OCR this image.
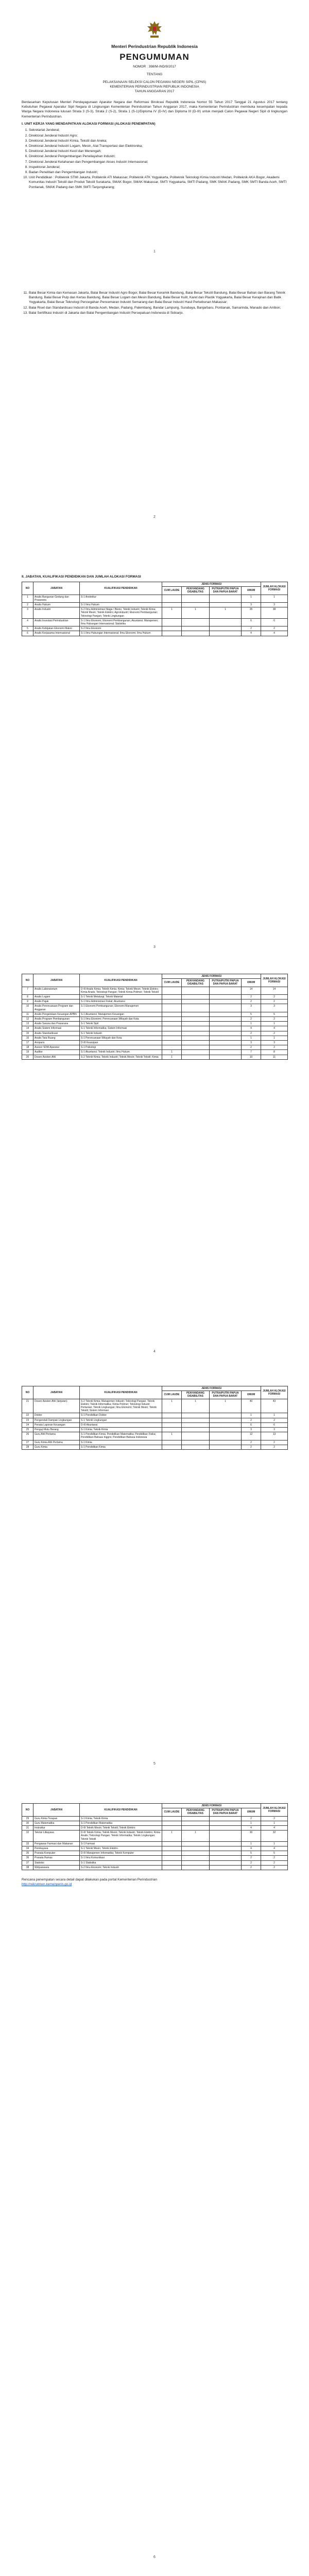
Menteri Perindustrian Republik Indonesia
PENGUMUMAN
NOMOR : 398/M-IND/9/2017
TENTANG
PELAKSANAAN SELEKSI CALON PEGAWAI NEGERI SIPIL (CPNS)
KEMENTERIAN PERINDUSTRIAN REPUBLIK INDONESIA
TAHUN ANGGARAN 2017

Berdasarkan Keputusan Menteri Pendayagunaan Aparatur Negara dan Reformasi Birokrasi Republik Indonesia Nomor 55 Tahun 2017 Tanggal 21 Agustus 2017 tentang Kebutuhan Pegawai Aparatur Sipil Negara di Lingkungan Kementerian Perindustrian Tahun Anggaran 2017, maka Kementerian Perindustrian membuka kesempatan kepada Warga Negara Indonesia lulusan Strata 3 (S-3), Strata 2 (S-2), Strata 1 (S-1)/Diploma IV (D-IV) dan Diploma III (D-III) untuk menjadi Calon Pegawai Negeri Sipil di lingkungan Kementerian Perindustrian.

I. UNIT KERJA YANG MENDAPATKAN ALOKASI FORMASI (ALOKASI PENEMPATAN)
1. Sekretariat Jenderal;
2. Direktorat Jenderal Industri Agro;
3. Direktorat Jenderal Industri Kimia, Tekstil dan Aneka;
4. Direktorat Jenderal Industri Logam, Mesin, Alat Transportasi dan Elektronika;
5. Direktorat Jenderal Industri Kecil dan Menengah;
6. Direktorat Jenderal Pengembangan Perwilayahan Industri;
7. Direktorat Jenderal Ketahanan dan Pengembangan Akses Industri Internasional;
8. Inspektorat Jenderal;
9. Badan Penelitian dan Pengembangan Industri;
10. Unit Pendidikan : Politeknik STMI Jakarta, Politeknik ATI Makassar, Politeknik ATK Yogyakarta, Politeknik Teknologi Kimia Industri Medan, Politeknik AKA Bogor, Akademi Komunitas Industri Tekstil dan Produk Tekstil Surakarta, SMAK Bogor, SMAK Makassar, SMTI Yogyakarta, SMTI Padang, SMK SMAK Padang, SMK SMTI Banda Aceh, SMTI Pontianak, SMAK Padang dan SMK SMTI Tanjungkarang;
1
11. Balai Besar Kimia dan Kemasan Jakarta, Balai Besar Industri Agro Bogor, Balai Besar Keramik Bandung, Balai Besar Tekstil Bandung, Balai Besar Bahan dan Barang Teknik Bandung, Balai Besar Pulp dan Kertas Bandung, Balai Besar Logam dan Mesin Bandung, Balai Besar Kulit, Karet dan Plastik Yogyakarta, Balai Besar Kerajinan dan Batik Yogyakarta, Balai Besar Teknologi Pencegahan Pencemaran Industri Semarang dan Balai Besar Industri Hasil Perkebunan Makassar;
12. Balai Riset dan Standardisasi Industri di Banda Aceh, Medan, Padang, Palembang, Bandar Lampung, Surabaya, Banjarbaru, Pontianak, Samarinda, Manado dan Ambon;
13. Balai Sertifikasi Industri di Jakarta dan Balai Pengembangan Industri Persepatuan Indonesia di Sidoarjo.
2
II. JABATAN, KUALIFIKASI PENDIDIKAN DAN JUMLAH ALOKASI FORMASI
NO	JABATAN	KUALIFIKASI PENDIDIKAN	JENIS FORMASI				JUMLAH ALOKASI FORMASI
			CUM LAUDE	PENYANDANG DISABILITAS	PUTRA/PUTRI PAPUA DAN PAPUA BARAT	UMUM	
1	Analis Bangunan Gedung dan Prasarana	S-1 Arsitektur				1	1
2	Analis Hukum	S-1 Ilmu Hukum				3	3
3	Analis Industri	S-2 Ilmu Administrasi Niaga / Bisnis; Teknik Industri; Teknik Kimia; Teknik Mesin; Teknik Elektro; Agroindustri; Ekonomi Pembangunan; Teknologi Pangan; Teknik Lingkungan	1	1	1	35	38
4	Analis Investasi Perindustrian	S-1 Ilmu Ekonomi; Ekonomi Pembangunan; Akuntansi; Manajemen; Ilmu Hubungan Internasional; Statistika				6	6
5	Analis Kebijakan Ekonomi Makro	S-2 Ilmu Ekonomi				2	2
6	Analis Kerjasama Internasional	S-1 Ilmu Hubungan Internasional; Ilmu Ekonomi; Ilmu Hukum				4	4
3
NO	JABATAN	KUALIFIKASI PENDIDIKAN	JENIS FORMASI				JUMLAH ALOKASI FORMASI
			CUM LAUDE	PENYANDANG DISABILITAS	PUTRA/PUTRI PAPUA DAN PAPUA BARAT	UMUM	
7	Analis Laboratorium	D-III Analis Kimia; Teknik Kimia; Kimia; Teknik Mesin; Teknik Elektro; Kimia Analis; Teknologi Pangan; Teknik Kimia Polimer; Teknik Tekstil				14	14
8	Analis Logam	S-1 Teknik Metalurgi; Teknik Material				2	2
9	Analis Pajak	S-1 Ilmu Administrasi Fiskal; Akuntansi				2	2
10	Analis Perencanaan Program dan Anggaran	S-1 Ekonomi Pembangunan; Ekonomi Manajemen				3	3
11	Analis Pengelolaan Keuangan APBN	S-1 Akuntansi; Manajemen Keuangan				5	5
12	Analis Program Pembangunan	S-1 Ilmu Ekonomi; Perencanaan Wilayah dan Kota				2	2
13	Analis Sarana dan Prasarana	S-1 Teknik Sipil				1	1
14	Analis Sistem Informasi	S-1 Teknik Informatika; Sistem Informasi				4	4
15	Analis Standardisasi	S-1 Teknik Industri				2	2
16	Analis Tata Ruang	S-1 Perencanaan Wilayah dan Kota				1	1
17	Arsiparis	D-III Kearsipan				3	3
18	Asesor SDM Aparatur	S-1 Psikologi				2	2
19	Auditor	S-1 Akuntansi; Teknik Industri; Ilmu Hukum	1			7	8
20	Dosen Asisten Ahli	S-2 Teknik Kimia; Teknik Industri; Teknik Mesin; Teknik Tekstil; Kimia	1			10	11
4
NO	JABATAN	KUALIFIKASI PENDIDIKAN	JENIS FORMASI				JUMLAH ALOKASI FORMASI
			CUM LAUDE	PENYANDANG DISABILITAS	PUTRA/PUTRI PAPUA DAN PAPUA BARAT	UMUM	
21	Dosen Asisten Ahli (lanjutan)	S-2 Teknik Kimia; Manajemen Industri; Teknologi Pangan; Teknik Elektro; Teknik Informatika; Kimia Polimer; Teknologi Industri Pertanian; Teknik Lingkungan; Ilmu Ekonomi; Teknik Mesin; Teknik Tekstil; Sistem Informasi	1	1	1	40	43
22	Dokter	S-1 Pendidikan Dokter				1	1
23	Pengendali Dampak Lingkungan	S-1 Teknik Lingkungan				2	2
24	Penata Laporan Keuangan	D-III Akuntansi				6	6
25	Penguji Mutu Barang	S-1 Kimia; Teknik Kimia				3	3
26	Guru Ahli Pertama	S-1 Pendidikan Kimia; Pendidikan Matematika; Pendidikan Fisika; Pendidikan Bahasa Inggris; Pendidikan Bahasa Indonesia	1			12	13
27	Guru Kimia Ahli Pertama	S-1 Kimia				2	2
28	Guru Kimia	S-1 Pendidikan Kimia				2	2
5
NO	JABATAN	KUALIFIKASI PENDIDIKAN	JENIS FORMASI				JUMLAH ALOKASI FORMASI
			CUM LAUDE	PENYANDANG DISABILITAS	PUTRA/PUTRI PAPUA DAN PAPUA BARAT	UMUM	
29	Guru Kimia Terapan	S-1 Kimia; Teknik Kimia				2	2
30	Guru Matematika	S-1 Pendidikan Matematika				1	1
31	Instruktur	D-III Teknik Mesin; Teknik Tekstil; Teknik Elektro				4	4
32	Teknisi Litkayasa	D-III Teknik Kimia; Teknik Mesin; Teknik Industri; Teknik Elektro; Kimia Analis; Teknologi Pangan; Teknik Informatika; Teknik Lingkungan; Teknik Tekstil	1	1		30	32
33	Pengawas Farmasi dan Makanan	S-1 Farmasi				1	1
34	Perekayasa	S-1 Teknik Mesin; Teknik Elektro				4	4
35	Pranata Komputer	D-III Manajemen Informatika; Teknik Komputer				5	5
36	Pranata Humas	S-1 Ilmu Komunikasi				2	2
37	Statistisi	S-1 Statistika				2	2
38	Widyaiswara	S-2 Ilmu Ekonomi; Teknik Industri				2	2

Rencana penempatan secara detail dapat dilakukan pada portal Kementerian Perindustrian
http://rekrutmen.kemenperin.go.id

6
